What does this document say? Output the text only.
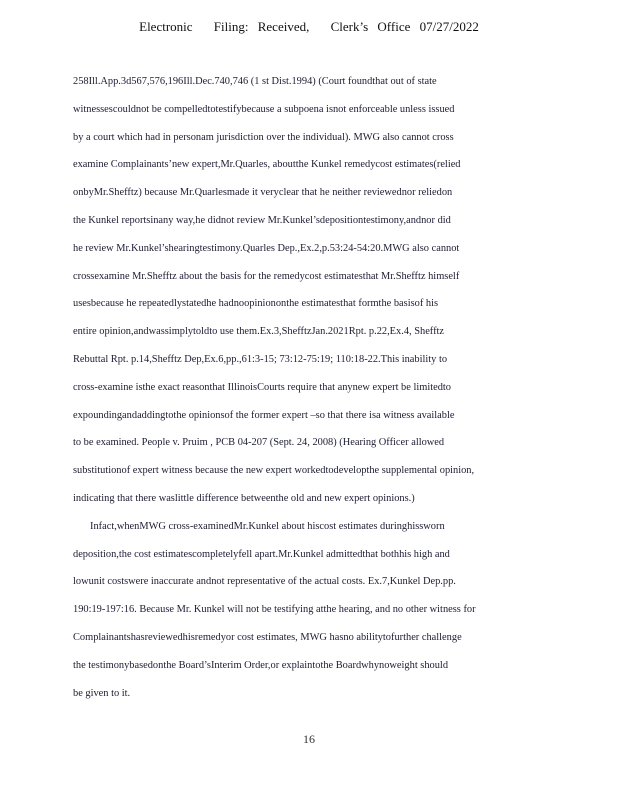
Electronic Filing: Received, Clerk’s Office 07/27/2022
258Ill.App.3d567,576,196Ill.Dec.740,746 (1 st Dist.1994) (Court foundthat out of state
witnessescouldnot be compelledtotestifybecause a subpoena isnot enforceable unless issued
by a court which had in personam jurisdiction over the individual). MWG also cannot cross
examine Complainants’new expert,Mr.Quarles, aboutthe Kunkel remedycost estimates(relied
onbyMr.Shefftz) because Mr.Quarlesmade it veryclear that he neither reviewednor reliedon
the Kunkel reportsinany way,he didnot review Mr.Kunkel’sdepositiontestimony,andnor did
he review Mr.Kunkel’shearingtestimony.Quarles Dep.,Ex.2,p.53:24-54:20.MWG also cannot
crossexamine Mr.Shefftz about the basis for the remedycost estimatesthat Mr.Shefftz himself
usesbecause he repeatedlystatedhe hadnoopiniononthe estimatesthat formthe basisof his
entire opinion,andwassimplytoldto use them.Ex.3,ShefftzJan.2021Rpt. p.22,Ex.4, Shefftz
Rebuttal Rpt. p.14,Shefftz Dep,Ex.6,pp.,61:3-15; 73:12-75:19; 110:18-22.This inability to
cross-examine isthe exact reasonthat IllinoisCourts require that anynew expert be limitedto
expoundingandaddingtothe opinionsof the former expert –so that there isa witness available
to be examined. People v. Pruim , PCB 04-207 (Sept. 24, 2008) (Hearing Officer allowed
substitutionof expert witness because the new expert workedtodevelopthe supplemental opinion,
indicating that there waslittle difference betweenthe old and new expert opinions.)
Infact,whenMWG cross-examinedMr.Kunkel about hiscost estimates duringhissworn
deposition,the cost estimatescompletelyfell apart.Mr.Kunkel admittedthat bothhis high and
lowunit costswere inaccurate andnot representative of the actual costs. Ex.7,Kunkel Dep.pp.
190:19-197:16. Because Mr. Kunkel will not be testifying atthe hearing, and no other witness for
Complainantshasreviewedhisremedyor cost estimates, MWG hasno abilitytofurther challenge
the testimonybasedonthe Board’sInterim Order,or explaintothe Boardwhynoweight should
be given to it.
16
